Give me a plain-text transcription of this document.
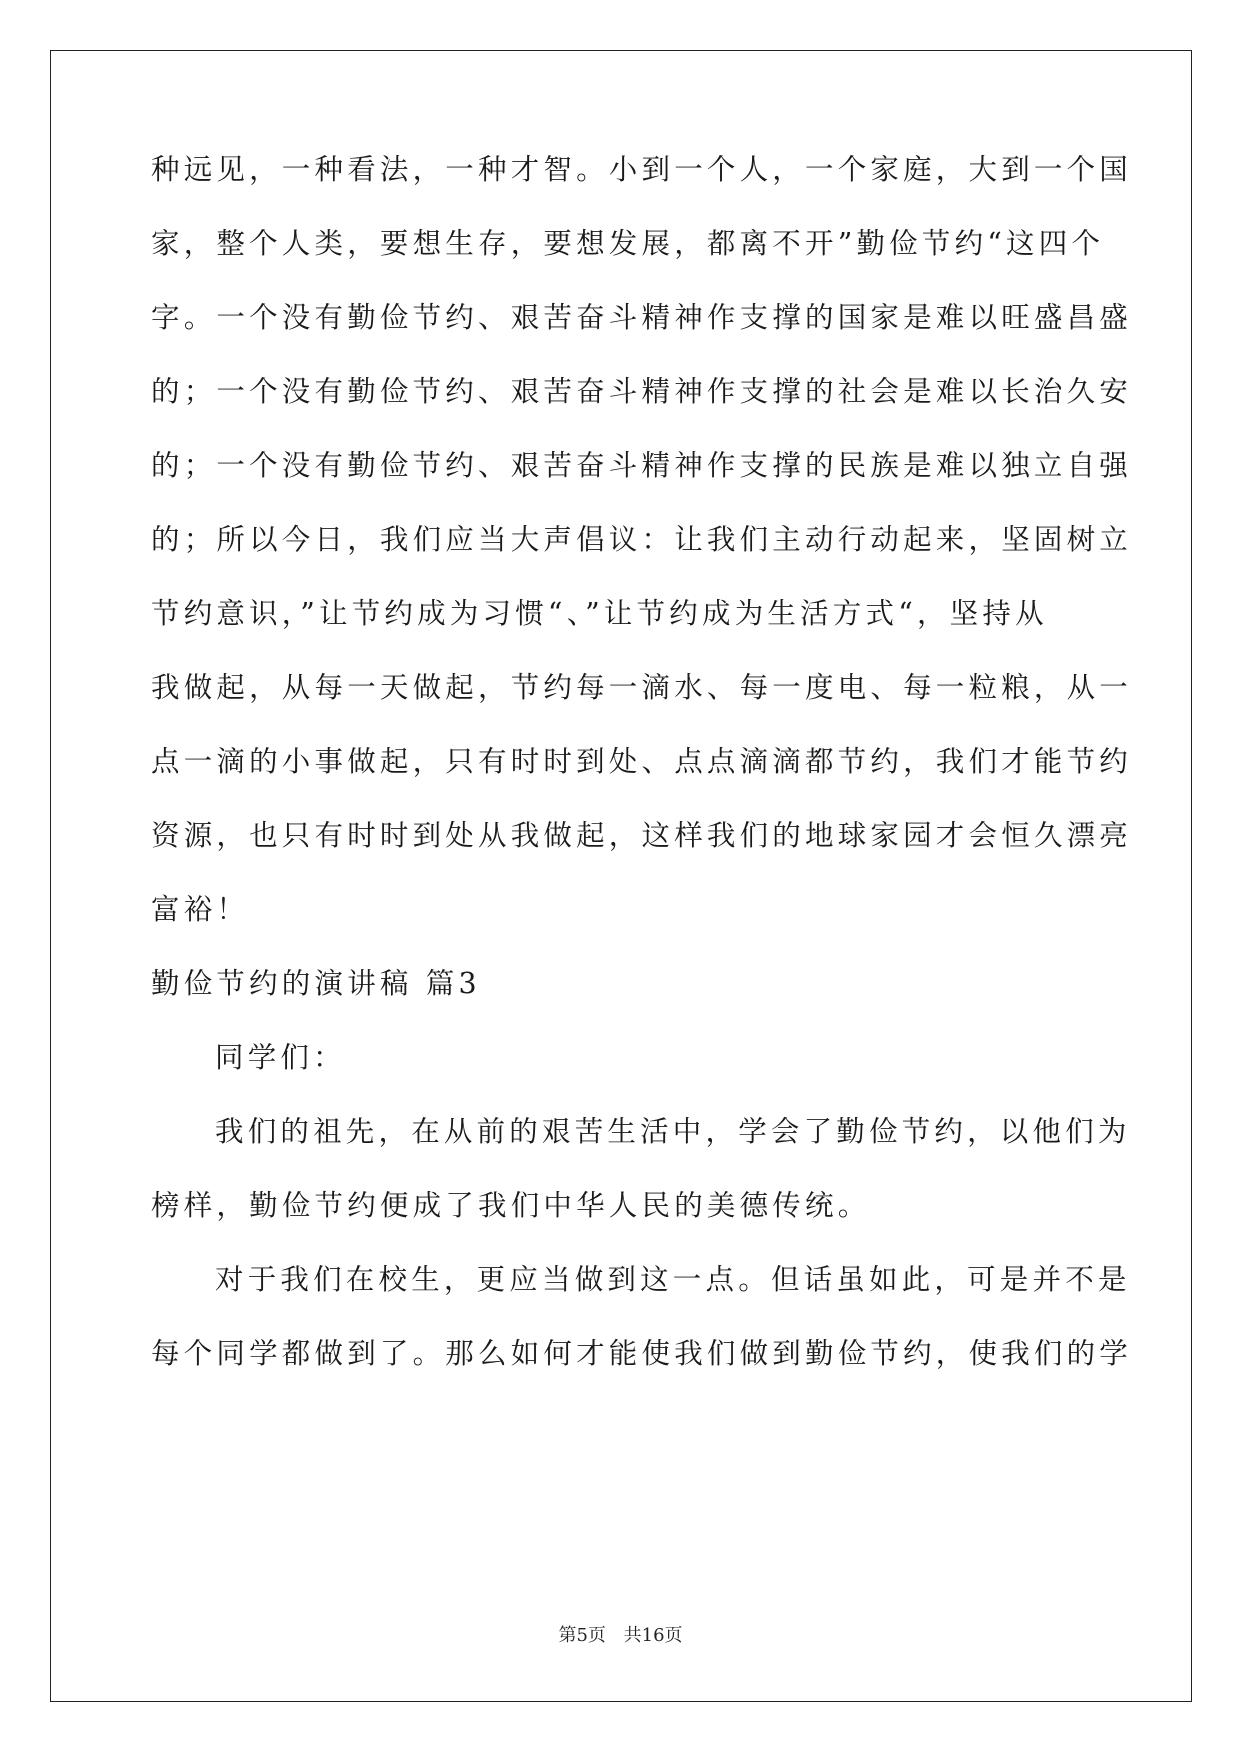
种远见，一种看法，一种才智。小到一个人，一个家庭，大到一个国
家，整个人类，要想生存，要想发展，都离不开”勤俭节约“这四个
字。一个没有勤俭节约、艰苦奋斗精神作支撑的国家是难以旺盛昌盛
的；一个没有勤俭节约、艰苦奋斗精神作支撑的社会是难以长治久安
的；一个没有勤俭节约、艰苦奋斗精神作支撑的民族是难以独立自强
的；所以今日，我们应当大声倡议：让我们主动行动起来，坚固树立
节约意识，”让节约成为习惯“、”让节约成为生活方式“，坚持从
我做起，从每一天做起，节约每一滴水、每一度电、每一粒粮，从一
点一滴的小事做起，只有时时到处、点点滴滴都节约，我们才能节约
资源，也只有时时到处从我做起，这样我们的地球家园才会恒久漂亮
富裕！
勤俭节约的演讲稿 篇3
同学们：
我们的祖先，在从前的艰苦生活中，学会了勤俭节约，以他们为
榜样，勤俭节约便成了我们中华人民的美德传统。
对于我们在校生，更应当做到这一点。但话虽如此，可是并不是
每个同学都做到了。那么如何才能使我们做到勤俭节约，使我们的学
第5页 共16页
